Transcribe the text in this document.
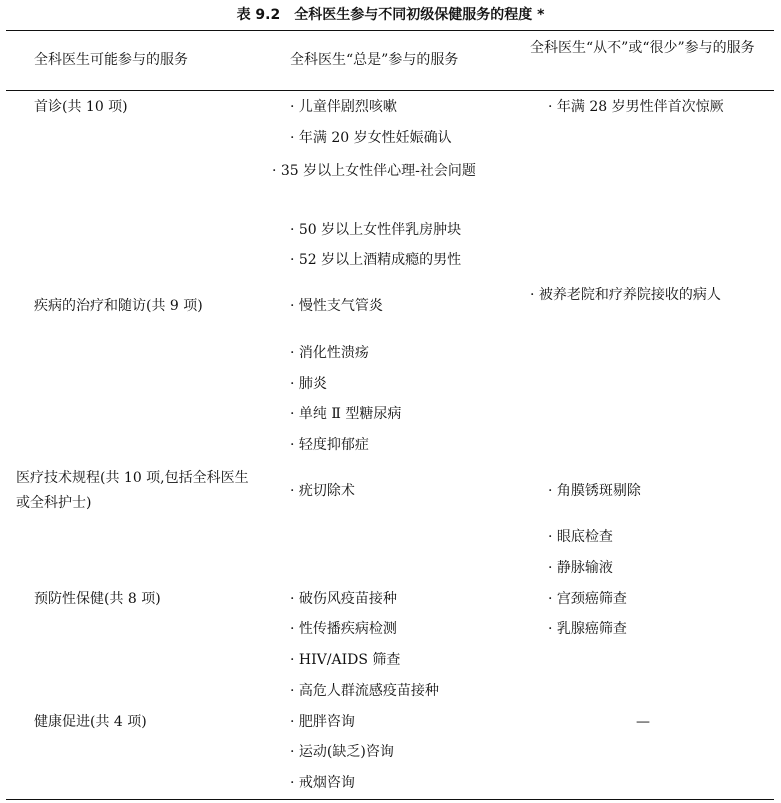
表 9.2　全科医生参与不同初级保健服务的程度 *
全科医生可能参与的服务	全科医生“总是”参与的服务
全科医生“从不”或“很少”参与的服务
首诊(共 10 项)
疾病的治疗和随访(共 9 项)
医疗技术规程(共 10 项,包括全科医生或全科护士)
预防性保健(共 8 项)
健康促进(共 4 项)
· 儿童伴剧烈咳嗽
· 年满 20 岁女性妊娠确认
· 35 岁以上女性伴心理-社会问题
· 50 岁以上女性伴乳房肿块
· 52 岁以上酒精成瘾的男性
· 慢性支气管炎
· 消化性溃疡
· 肺炎
· 单纯 Ⅱ 型糖尿病
· 轻度抑郁症
· 疣切除术
· 破伤风疫苗接种
· 性传播疾病检测
· HIV/AIDS 筛查
· 高危人群流感疫苗接种
· 肥胖咨询
· 运动(缺乏)咨询
· 戒烟咨询
· 年满 28 岁男性伴首次惊厥
· 被养老院和疗养院接收的病人
· 角膜锈斑剔除
· 眼底检查
· 静脉输液
· 宫颈癌筛查
· 乳腺癌筛查
—
